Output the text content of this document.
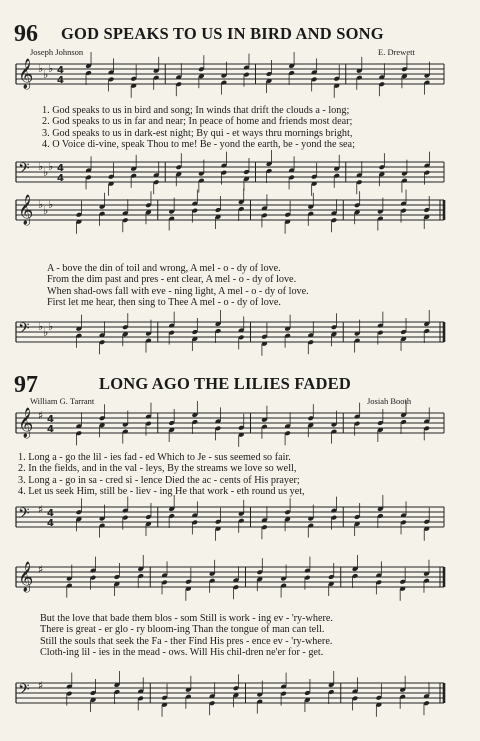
96 GOD SPEAKS TO US IN BIRD AND SONG
Joseph Johnson	E. Drewett
𝄞 ♭ ♭ ♭ 4
4
1. God speaks to us in bird and song; In winds that drift the clouds a - long;
2. God speaks to us in far and near; In peace of home and friends most dear;
3. God speaks to us in dark-est night; By qui - et ways thru mornings bright,
4. O Voice di-vine, speak Thou to me! Be - yond the earth, be - yond the sea;
𝄢 ♭ ♭ ♭ 4
4
𝄞 ♭ ♭ ♭
A - bove the din of toil and wrong, A mel - o - dy of love.
From the dim past and pres - ent clear, A mel - o - dy of love.
When shad-ows fall with eve - ning light, A mel - o - dy of love.
First let me hear, then sing to Thee A mel - o - dy of love.
𝄢 ♭ ♭ ♭
97	LONG AGO THE LILIES FADED
William G. Tarrant	Josiah Booth
𝄞 ♯ 4
4
1. Long a - go the lil - ies fad - ed Which to Je - sus seemed so fair.
2. In the fields, and in the val - leys, By the streams we love so well,
3. Long a - go in sa - cred si - lence Died the ac - cents of His prayer;
4. Let us seek Him, still be - liev - ing He that work - eth round us yet,
𝄢 ♯ 4
4
𝄞 ♯
But the love that bade them blos - som Still is work - ing ev - 'ry-where.
There is great - er glo - ry bloom-ing Than the tongue of man can tell.
Still the souls that seek the Fa - ther Find His pres - ence ev - 'ry-where.
Cloth-ing lil - ies in the mead - ows. Will His chil-dren ne'er for - get.
𝄢 ♯
